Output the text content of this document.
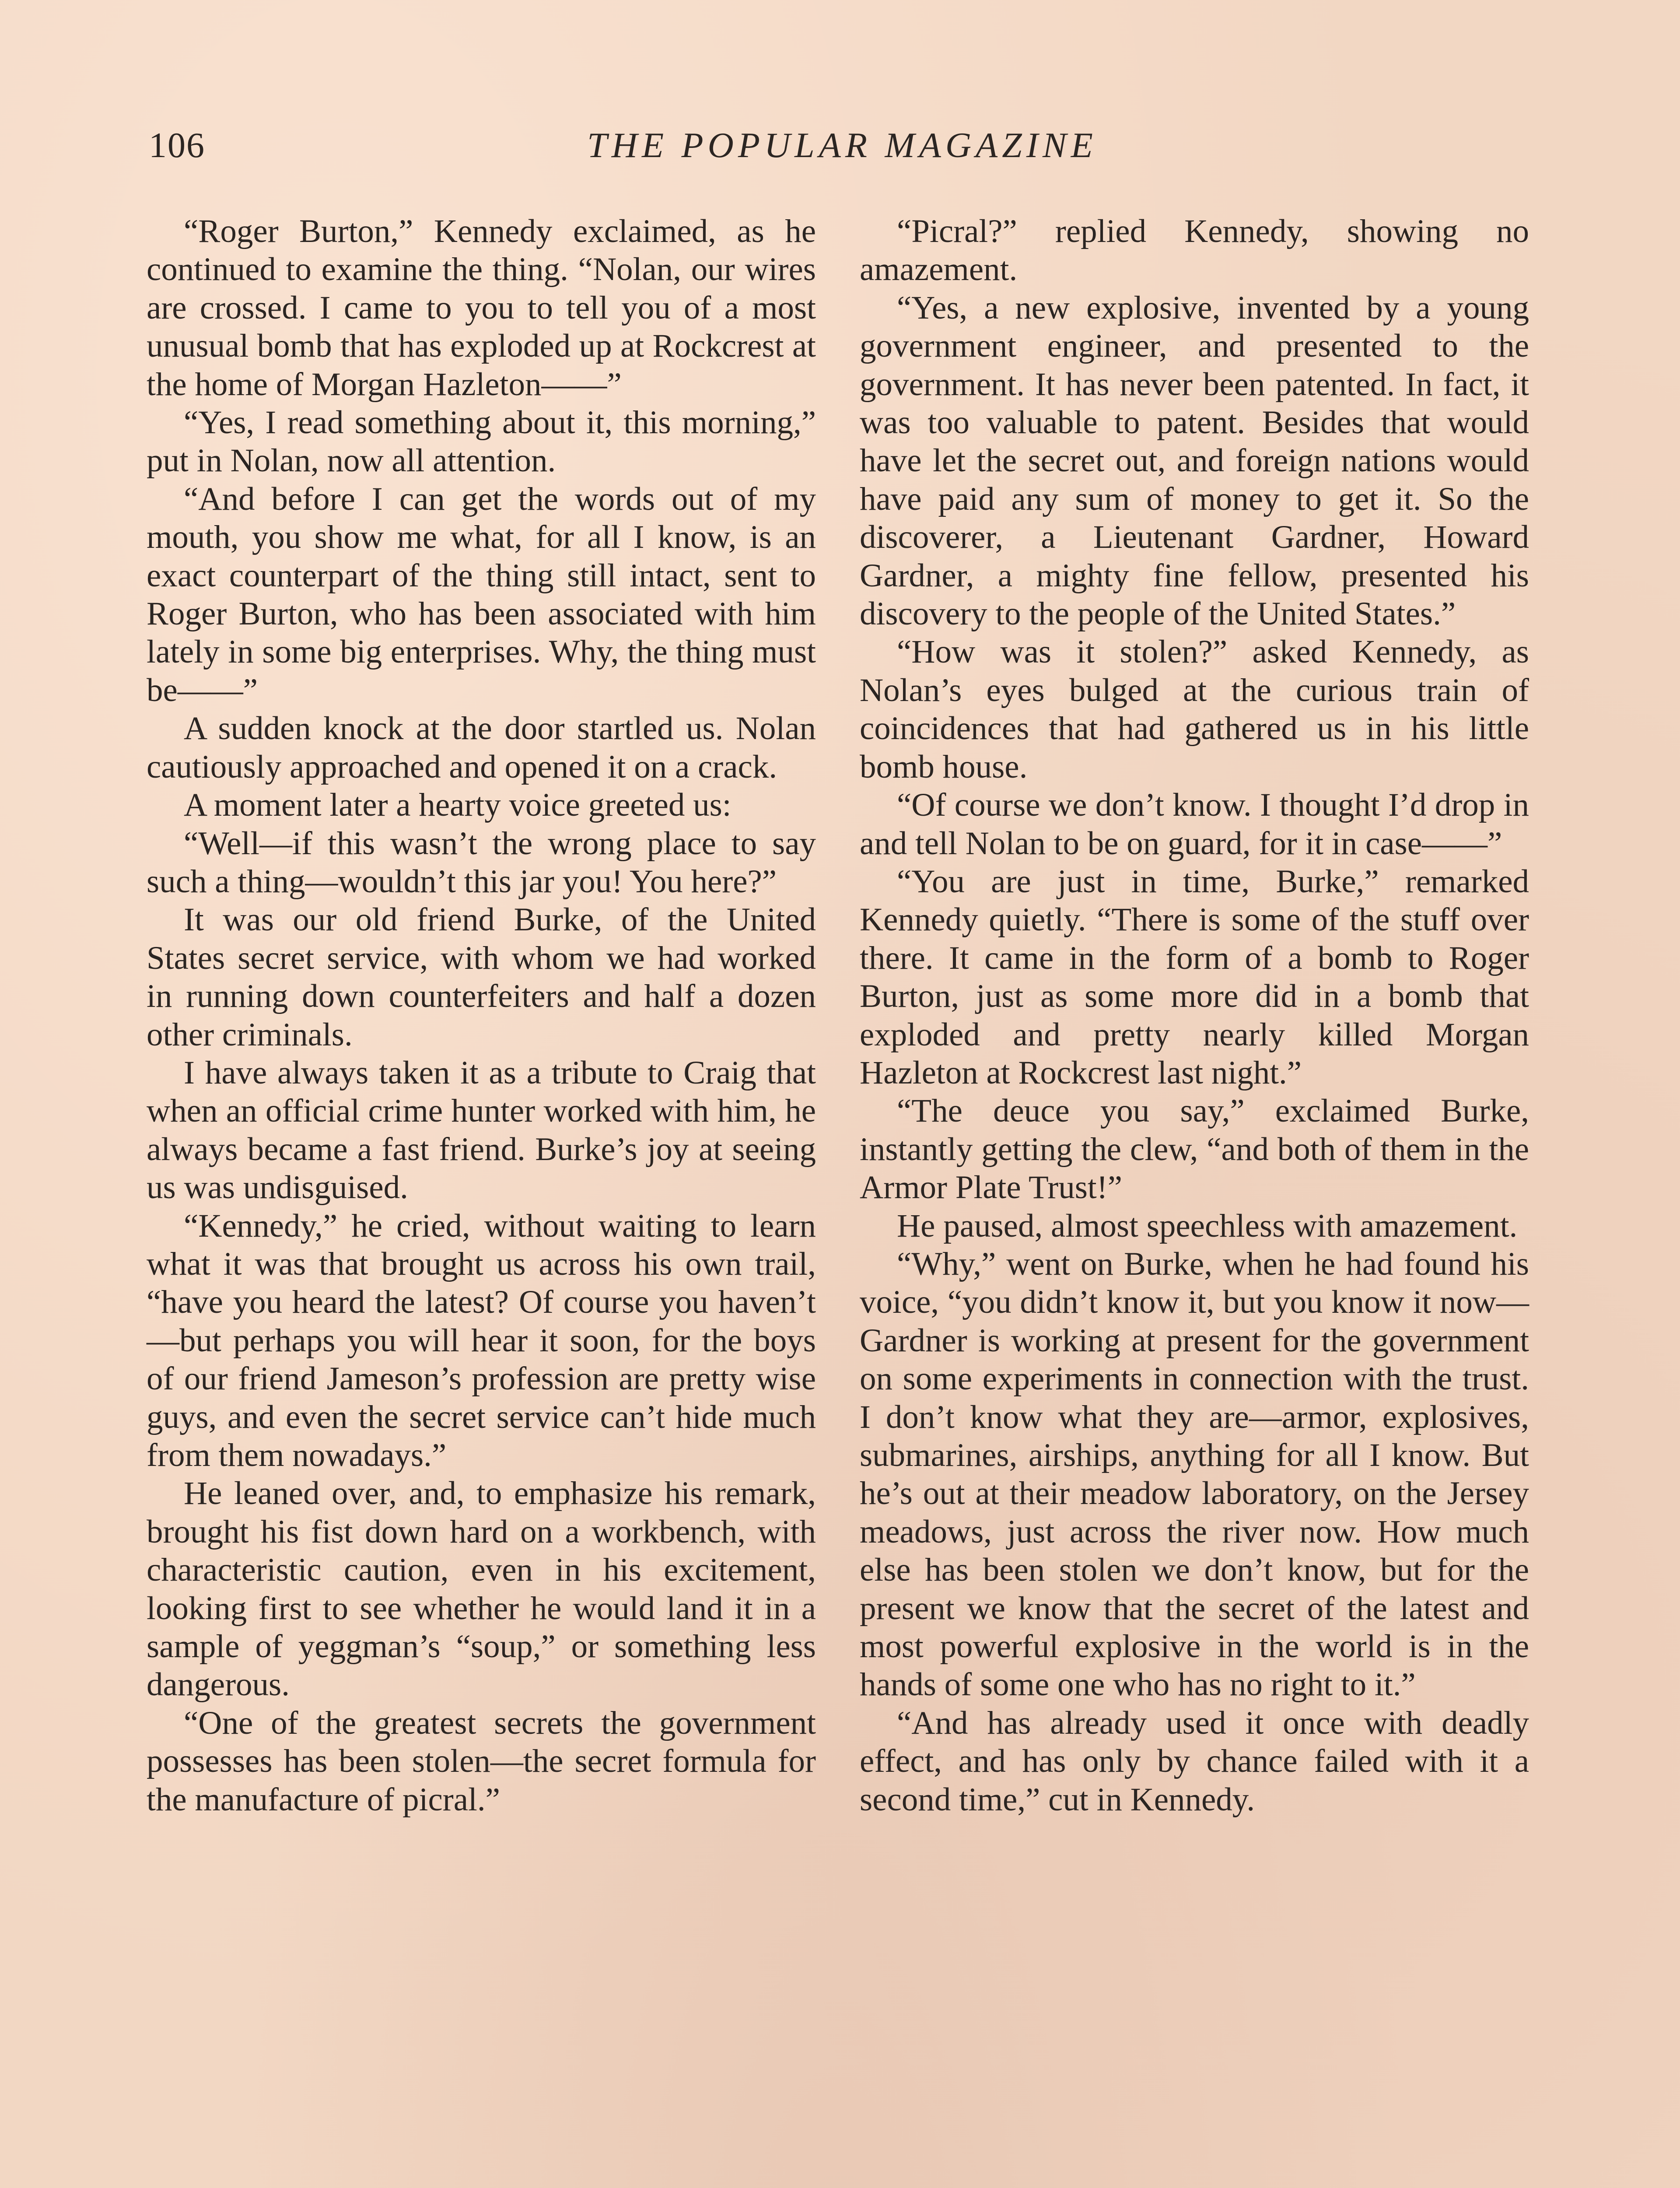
106	THE POPULAR MAGAZINE

“Roger Burton,” Kennedy exclaimed, as he continued to examine the thing. “Nolan, our wires are crossed. I came to you to tell you of a most unusual bomb that has exploded up at Rockcrest at the home of Morgan Hazleton——”

“Yes, I read something about it, this morning,” put in Nolan, now all attention.

“And before I can get the words out of my mouth, you show me what, for all I know, is an exact counterpart of the thing still intact, sent to Roger Burton, who has been associated with him lately in some big enterprises. Why, the thing must be——”

A sudden knock at the door startled us. Nolan cautiously approached and opened it on a crack.

A moment later a hearty voice greeted us:

“Well—if this wasn’t the wrong place to say such a thing—wouldn’t this jar you! You here?”

It was our old friend Burke, of the United States secret service, with whom we had worked in running down counterfeiters and half a dozen other criminals.

I have always taken it as a tribute to Craig that when an official crime hunter worked with him, he always became a fast friend. Burke’s joy at seeing us was undisguised.

“Kennedy,” he cried, without waiting to learn what it was that brought us across his own trail, “have you heard the latest? Of course you haven’t—but perhaps you will hear it soon, for the boys of our friend Jameson’s profession are pretty wise guys, and even the secret service can’t hide much from them nowadays.”

He leaned over, and, to emphasize his remark, brought his fist down hard on a workbench, with characteristic caution, even in his excitement, looking first to see whether he would land it in a sample of yeggman’s “soup,” or something less dangerous.

“One of the greatest secrets the government possesses has been stolen—the secret formula for the manufacture of picral.”

“Picral?” replied Kennedy, showing no amazement.

“Yes, a new explosive, invented by a young government engineer, and presented to the government. It has never been patented. In fact, it was too valuable to patent. Besides that would have let the secret out, and foreign nations would have paid any sum of money to get it. So the discoverer, a Lieutenant Gardner, Howard Gardner, a mighty fine fellow, presented his discovery to the people of the United States.”

“How was it stolen?” asked Kennedy, as Nolan’s eyes bulged at the curious train of coincidences that had gathered us in his little bomb house.

“Of course we don’t know. I thought I’d drop in and tell Nolan to be on guard, for it in case——”

“You are just in time, Burke,” remarked Kennedy quietly. “There is some of the stuff over there. It came in the form of a bomb to Roger Burton, just as some more did in a bomb that exploded and pretty nearly killed Morgan Hazleton at Rockcrest last night.”

“The deuce you say,” exclaimed Burke, instantly getting the clew, “and both of them in the Armor Plate Trust!”

He paused, almost speechless with amazement.

“Why,” went on Burke, when he had found his voice, “you didn’t know it, but you know it now—Gardner is working at present for the government on some experiments in connection with the trust. I don’t know what they are—armor, explosives, submarines, airships, anything for all I know. But he’s out at their meadow laboratory, on the Jersey meadows, just across the river now. How much else has been stolen we don’t know, but for the present we know that the secret of the latest and most powerful explosive in the world is in the hands of some one who has no right to it.”

“And has already used it once with deadly effect, and has only by chance failed with it a second time,” cut in Kennedy.
